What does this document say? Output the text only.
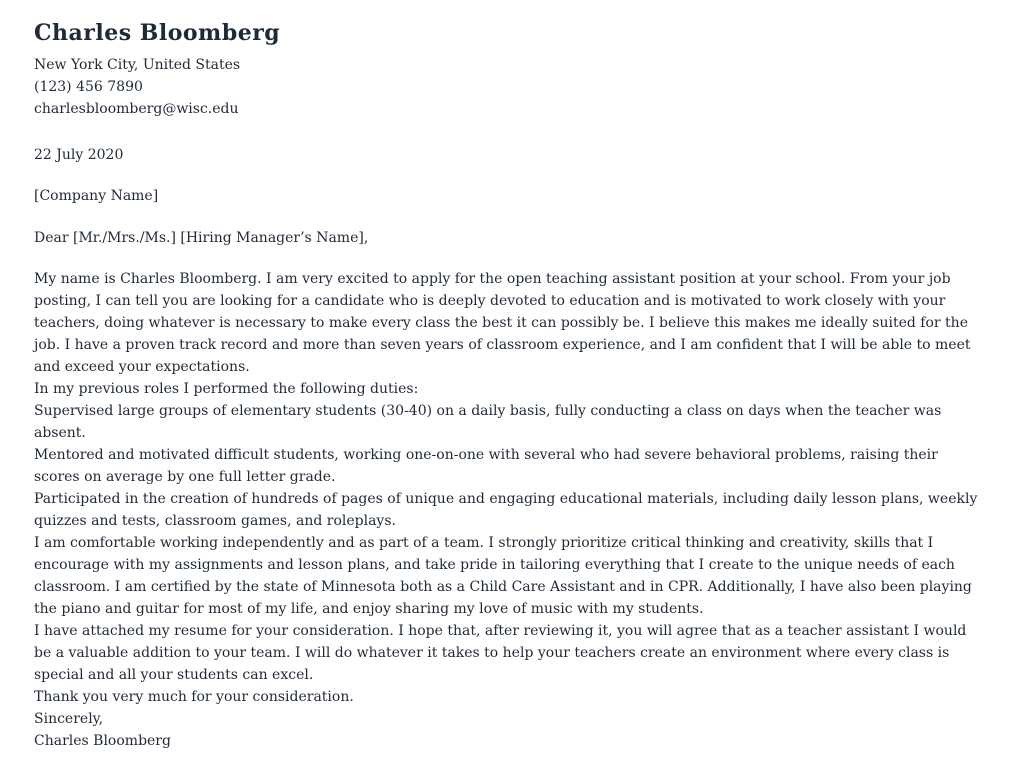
Charles Bloomberg
New York City, United States
(123) 456 7890
charlesbloomberg@wisc.edu
22 July 2020
[Company Name]
Dear [Mr./Mrs./Ms.] [Hiring Manager’s Name],

My name is Charles Bloomberg. I am very excited to apply for the open teaching assistant position at your school. From your job posting, I can tell you are looking for a candidate who is deeply devoted to education and is motivated to work closely with your teachers, doing whatever is necessary to make every class the best it can possibly be. I believe this makes me ideally suited for the job. I have a proven track record and more than seven years of classroom experience, and I am confident that I will be able to meet and exceed your expectations.

In my previous roles I performed the following duties:

Supervised large groups of elementary students (30-40) on a daily basis, fully conducting a class on days when the teacher was absent.

Mentored and motivated difficult students, working one-on-one with several who had severe behavioral problems, raising their scores on average by one full letter grade.

Participated in the creation of hundreds of pages of unique and engaging educational materials, including daily lesson plans, weekly quizzes and tests, classroom games, and roleplays.

I am comfortable working independently and as part of a team. I strongly prioritize critical thinking and creativity, skills that I encourage with my assignments and lesson plans, and take pride in tailoring everything that I create to the unique needs of each classroom. I am certified by the state of Minnesota both as a Child Care Assistant and in CPR. Additionally, I have also been playing the piano and guitar for most of my life, and enjoy sharing my love of music with my students.

I have attached my resume for your consideration. I hope that, after reviewing it, you will agree that as a teacher assistant I would be a valuable addition to your team. I will do whatever it takes to help your teachers create an environment where every class is special and all your students can excel.

Thank you very much for your consideration.

Sincerely,

Charles Bloomberg
